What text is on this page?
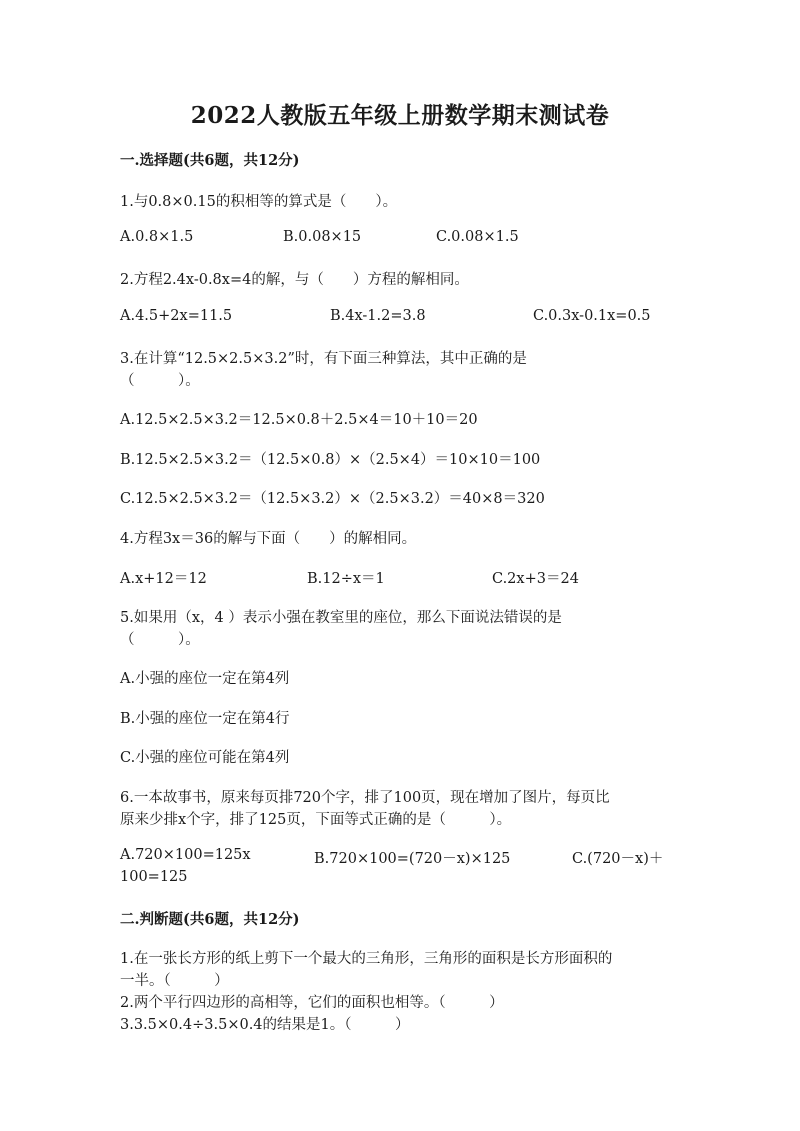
2022人教版五年级上册数学期末测试卷
一.选择题(共6题，共12分)
1.与0.8×0.15的积相等的算式是（　　）。
A.0.8×1.5	B.0.08×15	C.0.08×1.5
2.方程2.4x-0.8x=4的解，与（　　）方程的解相同。
A.4.5+2x=11.5	B.4x-1.2=3.8	C.0.3x-0.1x=0.5
3.在计算“12.5×2.5×3.2”时，有下面三种算法，其中正确的是
（　　　）。
A.12.5×2.5×3.2＝12.5×0.8＋2.5×4＝10＋10＝20
B.12.5×2.5×3.2＝（12.5×0.8）×（2.5×4）＝10×10＝100
C.12.5×2.5×3.2＝（12.5×3.2）×（2.5×3.2）＝40×8＝320
4.方程3x＝36的解与下面（　　）的解相同。
A.x+12＝12	B.12÷x＝1	C.2x+3＝24
5.如果用（x，4 ）表示小强在教室里的座位，那么下面说法错误的是
（　　　）。
A.小强的座位一定在第4列
B.小强的座位一定在第4行
C.小强的座位可能在第4列
6.一本故事书，原来每页排720个字，排了100页，现在增加了图片，每页比
原来少排x个字，排了125页，下面等式正确的是（　　　）。
A.720×100=125x	B.720×100=(720－x)×125	C.(720－x)＋
100=125
二.判断题(共6题，共12分)
1.在一张长方形的纸上剪下一个最大的三角形，三角形的面积是长方形面积的
一半。（　　　）
2.两个平行四边形的高相等，它们的面积也相等。（　　　）
3.3.5×0.4÷3.5×0.4的结果是1。（　　　）
